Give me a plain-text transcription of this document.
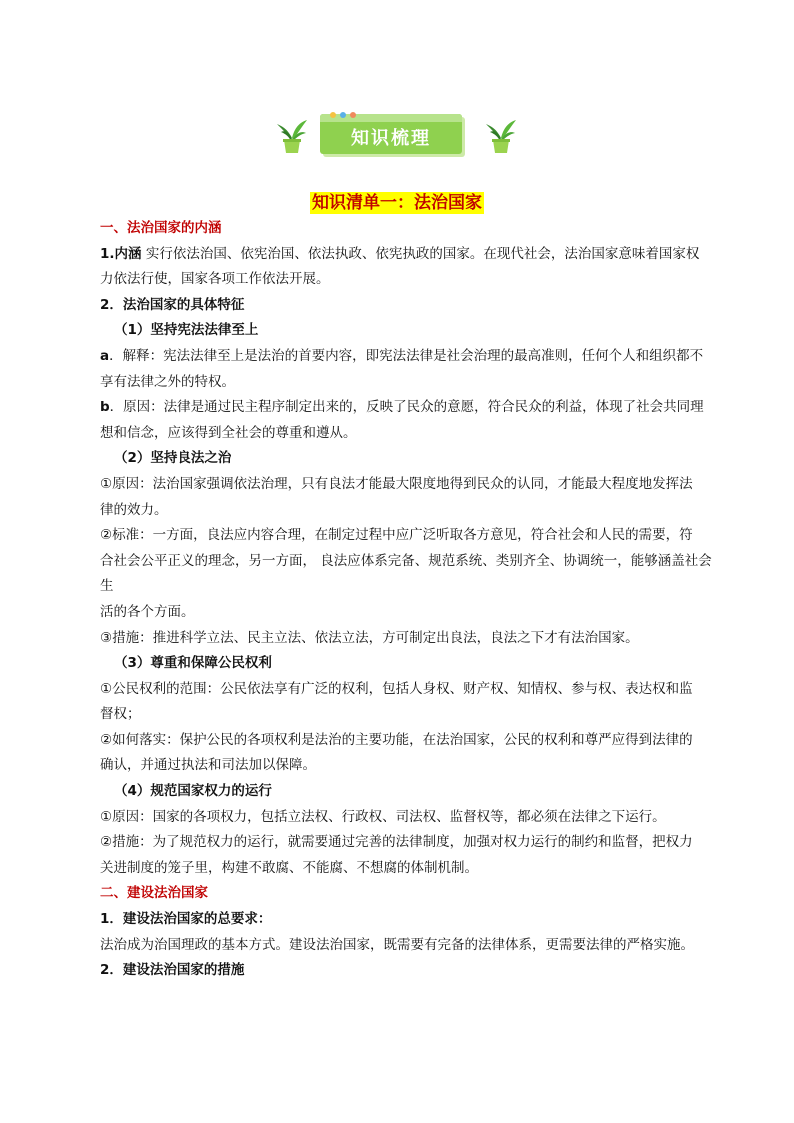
知识梳理
知识清单一：法治国家

一、法治国家的内涵

1.内涵 实行依法治国、依宪治国、依法执政、依宪执政的国家。在现代社会，法治国家意味着国家权

力依法行使，国家各项工作依法开展。

2．法治国家的具体特征

（1）坚持宪法法律至上

a．解释：宪法法律至上是法治的首要内容，即宪法法律是社会治理的最高准则，任何个人和组织都不

享有法律之外的特权。

b．原因：法律是通过民主程序制定出来的，反映了民众的意愿，符合民众的利益，体现了社会共同理

想和信念，应该得到全社会的尊重和遵从。

（2）坚持良法之治

①原因：法治国家强调依法治理，只有良法才能最大限度地得到民众的认同，才能最大程度地发挥法

律的效力。

②标准：一方面，良法应内容合理，在制定过程中应广泛听取各方意见，符合社会和人民的需要，符

合社会公平正义的理念，另一方面， 良法应体系完备、规范系统、类别齐全、协调统一，能够涵盖社会生

活的各个方面。

③措施：推进科学立法、民主立法、依法立法，方可制定出良法，良法之下才有法治国家。

（3）尊重和保障公民权利

①公民权利的范围：公民依法享有广泛的权利，包括人身权、财产权、知情权、参与权、表达权和监

督权；

②如何落实：保护公民的各项权利是法治的主要功能，在法治国家，公民的权利和尊严应得到法律的

确认，并通过执法和司法加以保障。

（4）规范国家权力的运行

①原因：国家的各项权力，包括立法权、行政权、司法权、监督权等，都必须在法律之下运行。

②措施：为了规范权力的运行，就需要通过完善的法律制度，加强对权力运行的制约和监督，把权力

关进制度的笼子里，构建不敢腐、不能腐、不想腐的体制机制。

二、建设法治国家

1．建设法治国家的总要求：

法治成为治国理政的基本方式。建设法治国家，既需要有完备的法律体系，更需要法律的严格实施。

2．建设法治国家的措施
